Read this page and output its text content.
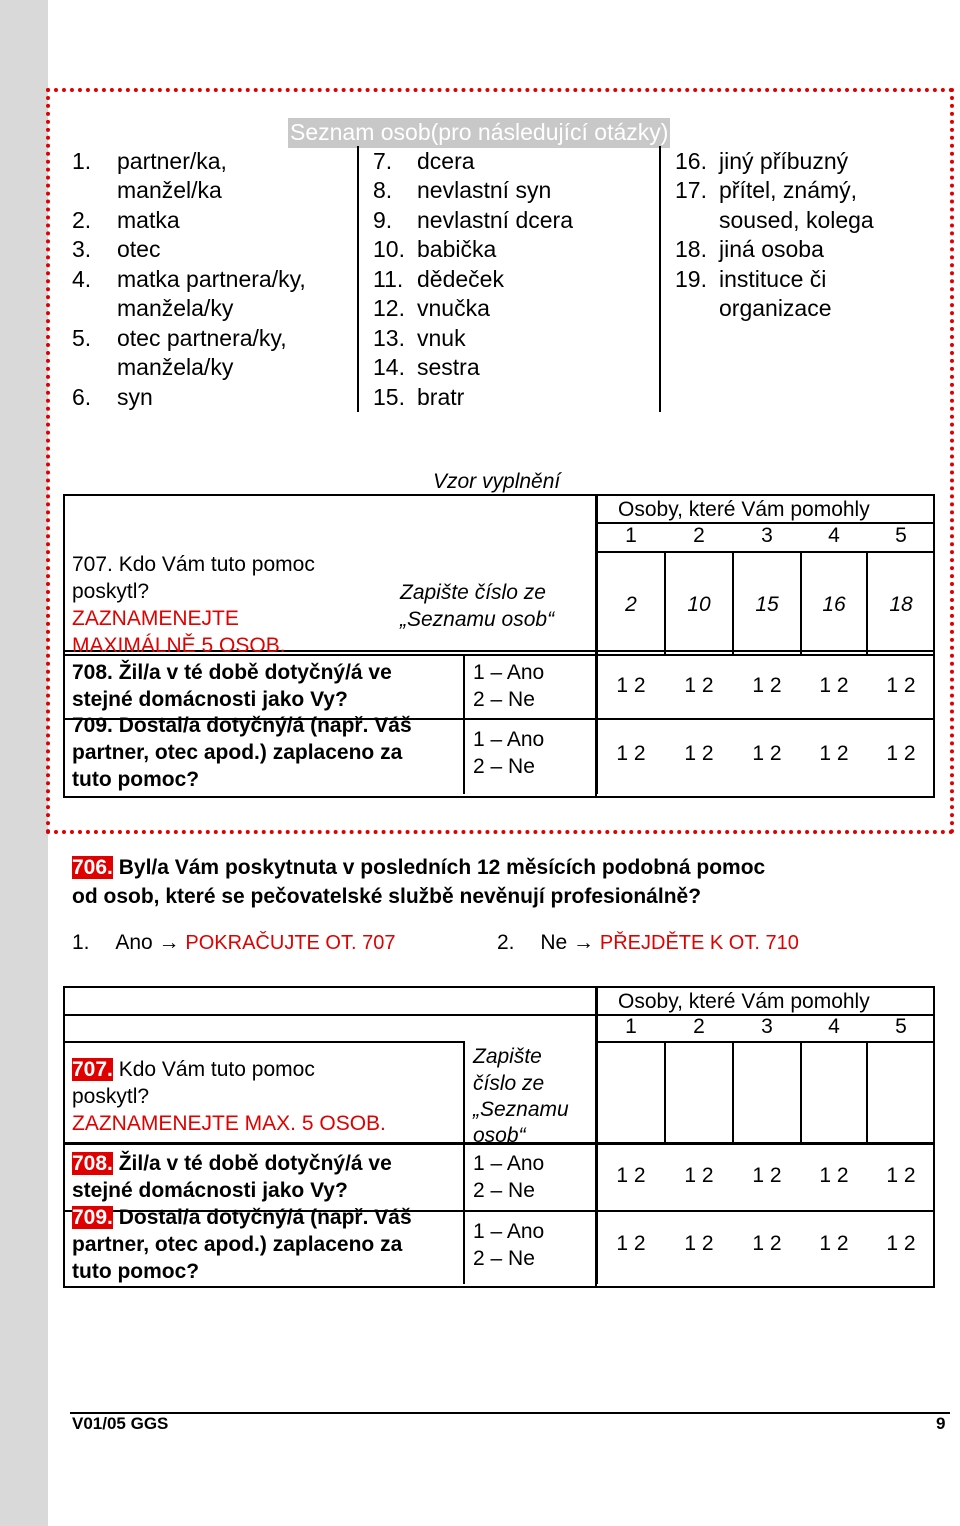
Seznam osob(pro následující otázky)
1. partner/ka,
manžel/ka
2. matka
3. otec
4. matka partnera/ky,
manžela/ky
5. otec partnera/ky,
manžela/ky
6. syn
7. dcera
8. nevlastní syn
9. nevlastní dcera
10. babička
11. dědeček
12. vnučka
13. vnuk
14. sestra
15. bratr
16. jiný příbuzný
17. přítel, známý,
soused, kolega
18. jiná osoba
19. instituce či
organizace
Vzor vyplnění

Osoby, které Vám pomohly
1	2	3	4	5
707. Kdo Vám tuto pomoc
poskytl?
ZAZNAMENEJTE
MAXIMÁLNĚ 5 OSOB.
Zapište číslo ze
„Seznamu osob“
2	10	15	16	18
708. Žil/a v té době dotyčný/á ve
stejné domácnosti jako Vy?
1 – Ano
2 – Ne
1 2	1 2	1 2	1 2	1 2
709. Dostal/a dotyčný/á (např. Váš
partner, otec apod.) zaplaceno za
tuto pomoc?
1 – Ano
2 – Ne
1 2	1 2	1 2	1 2	1 2
706. Byl/a Vám poskytnuta v posledních 12 měsících podobná pomoc
od osob, které se pečovatelské službě nevěnují profesionálně?
1. Ano → POKRAČUJTE OT. 707	2. Ne → PŘEJDĚTE K OT. 710

Osoby, které Vám pomohly
1	2	3	4	5
707. Kdo Vám tuto pomoc
poskytl?
ZAZNAMENEJTE MAX. 5 OSOB.
Zapište
číslo ze
„Seznamu
osob“
708. Žil/a v té době dotyčný/á ve
stejné domácnosti jako Vy?
1 – Ano
2 – Ne
1 2	1 2	1 2	1 2	1 2
709. Dostal/a dotyčný/á (např. Váš
partner, otec apod.) zaplaceno za
tuto pomoc?
1 – Ano
2 – Ne
1 2	1 2	1 2	1 2	1 2
V01/05 GGS	9
